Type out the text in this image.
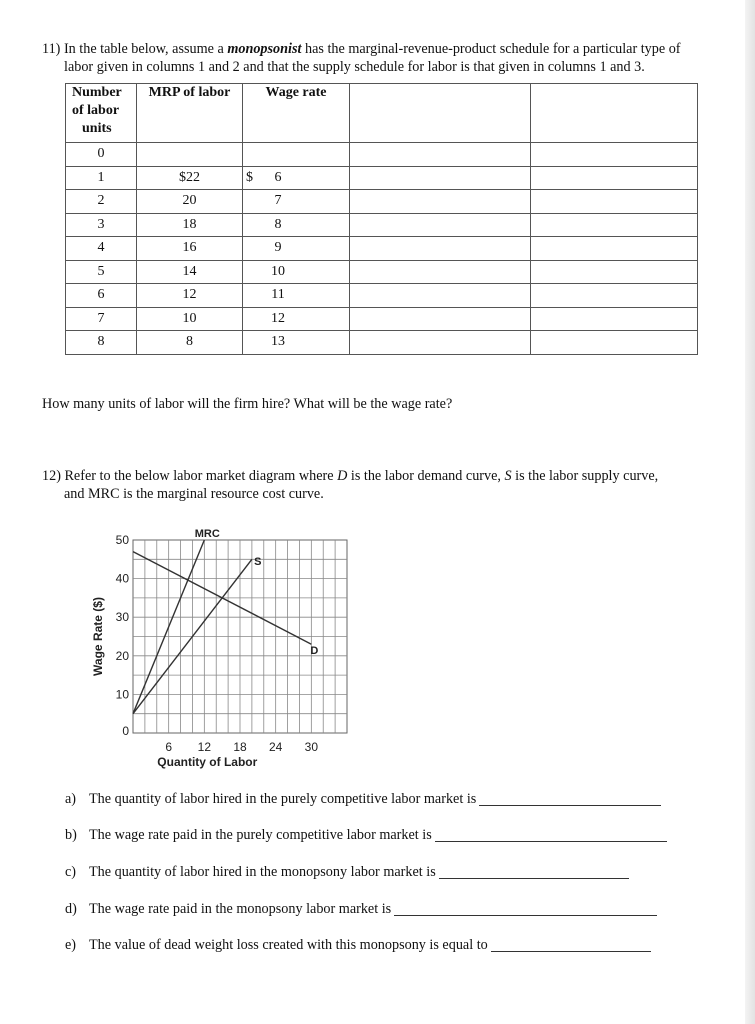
11) In the table below, assume a monopsonist has the marginal-revenue-product schedule for a particular type of
labor given in columns 1 and 2 and that the supply schedule for labor is that given in columns 1 and 3.
Number
of labor
units	MRP of labor	Wage rate		
0		

1	$22	$ 6		

2	20	7		

3	18	8		

4	16	9		

5	14	10		

6	12	11		

7	10	12		

8	8	13		

How many units of labor will the firm hire? What will be the wage rate?
12) Refer to the below labor market diagram where D is the labor demand curve, S is the labor supply curve,
and MRC is the marginal resource cost curve.
0
10
20
30
40
50
6 12 18 24 30
Quantity of Labor
Wage Rate ($)
MRC
S
D
a) The quantity of labor hired in the purely competitive labor market is
b) The wage rate paid in the purely competitive labor market is
c) The quantity of labor hired in the monopsony labor market is
d) The wage rate paid in the monopsony labor market is
e) The value of dead weight loss created with this monopsony is equal to
